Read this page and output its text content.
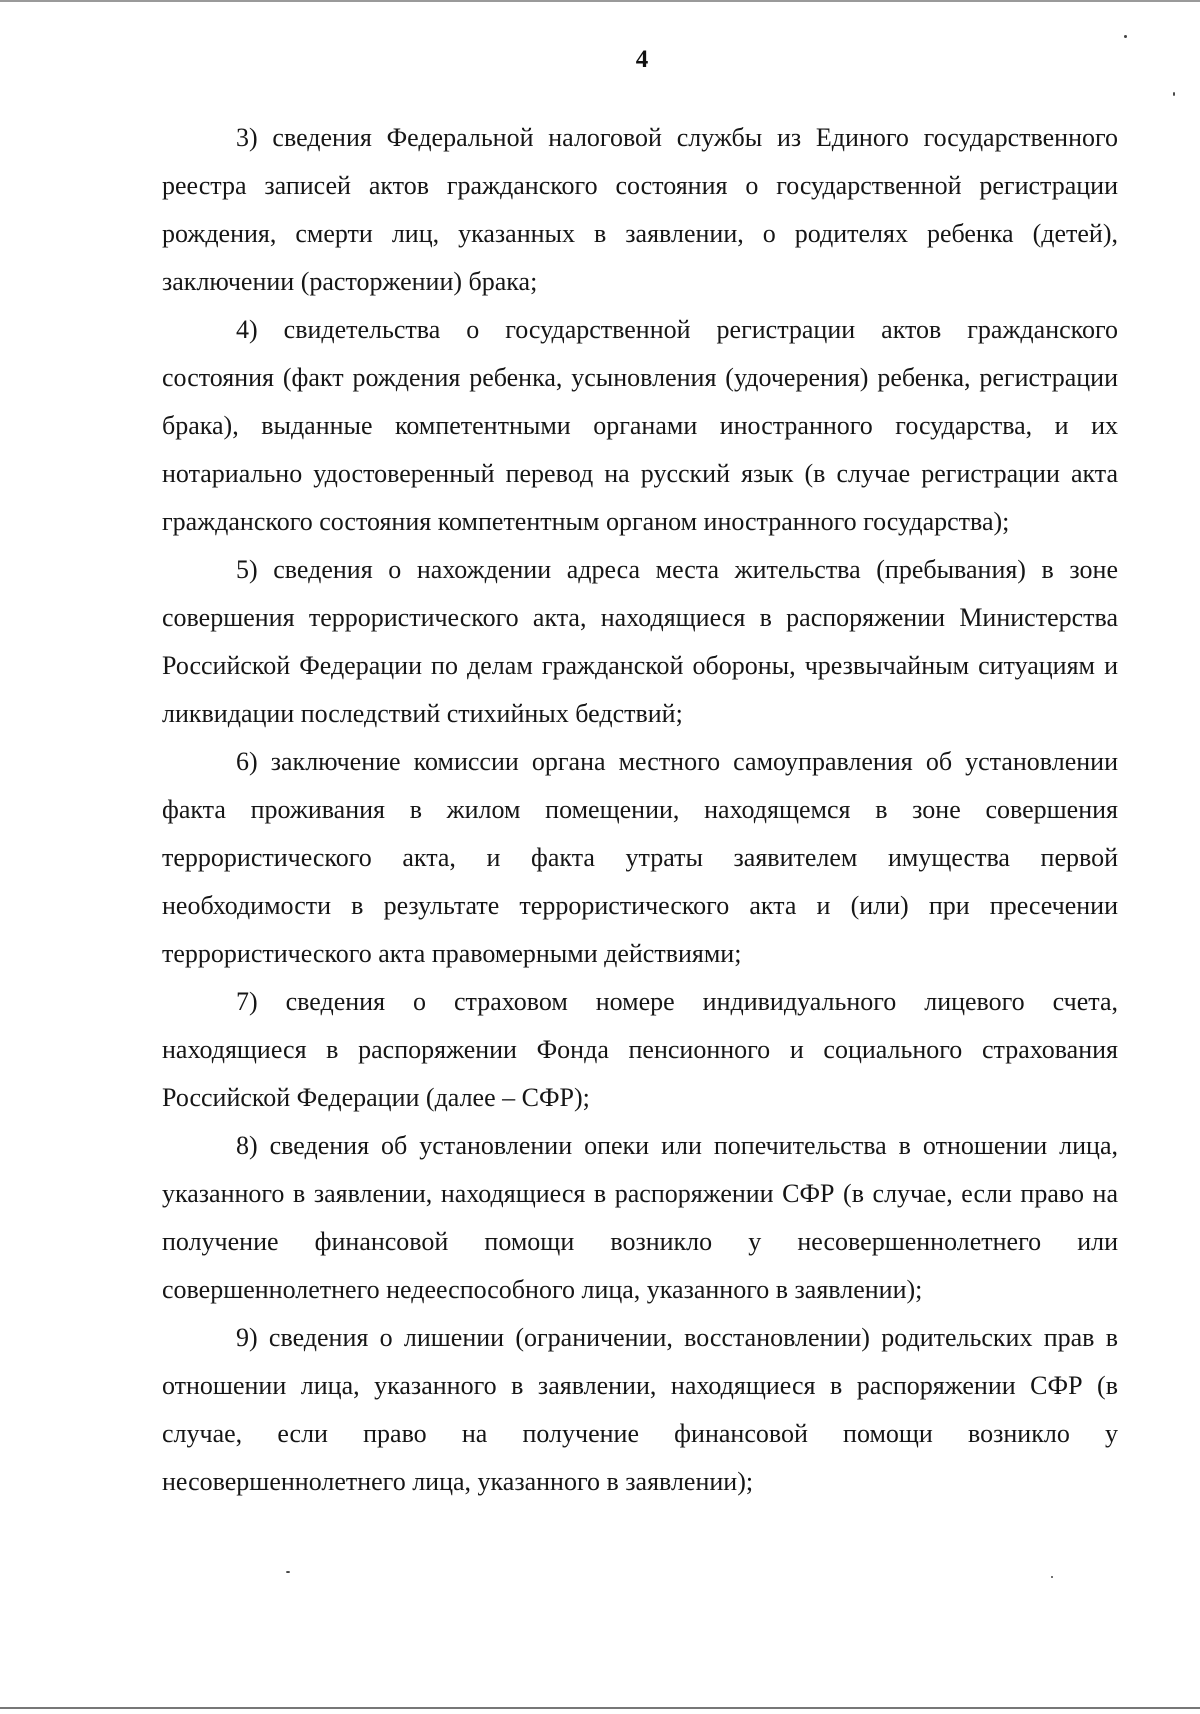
4

3) сведения Федеральной налоговой службы из Единого государственного реестра записей актов гражданского состояния о государственной регистрации рождения, смерти лиц, указанных в заявлении, о родителях ребенка (детей), заключении (расторжении) брака;

4) свидетельства о государственной регистрации актов гражданского состояния (факт рождения ребенка, усыновления (удочерения) ребенка, регистрации брака), выданные компетентными органами иностранного государства, и их нотариально удостоверенный перевод на русский язык (в случае регистрации акта гражданского состояния компетентным органом иностранного государства);

5) сведения о нахождении адреса места жительства (пребывания) в зоне совершения террористического акта, находящиеся в распоряжении Министерства Российской Федерации по делам гражданской обороны, чрезвычайным ситуациям и ликвидации последствий стихийных бедствий;

6) заключение комиссии органа местного самоуправления об установлении факта проживания в жилом помещении, находящемся в зоне совершения террористического акта, и факта утраты заявителем имущества первой необходимости в результате террористического акта и (или) при пресечении террористического акта правомерными действиями;

7) сведения о страховом номере индивидуального лицевого счета, находящиеся в распоряжении Фонда пенсионного и социального страхования Российской Федерации (далее – СФР);

8) сведения об установлении опеки или попечительства в отношении лица, указанного в заявлении, находящиеся в распоряжении СФР (в случае, если право на получение финансовой помощи возникло у несовершеннолетнего или совершеннолетнего недееспособного лица, указанного в заявлении);

9) сведения о лишении (ограничении, восстановлении) родительских прав в отношении лица, указанного в заявлении, находящиеся в распоряжении СФР (в случае, если право на получение финансовой помощи возникло у несовершеннолетнего лица, указанного в заявлении);
